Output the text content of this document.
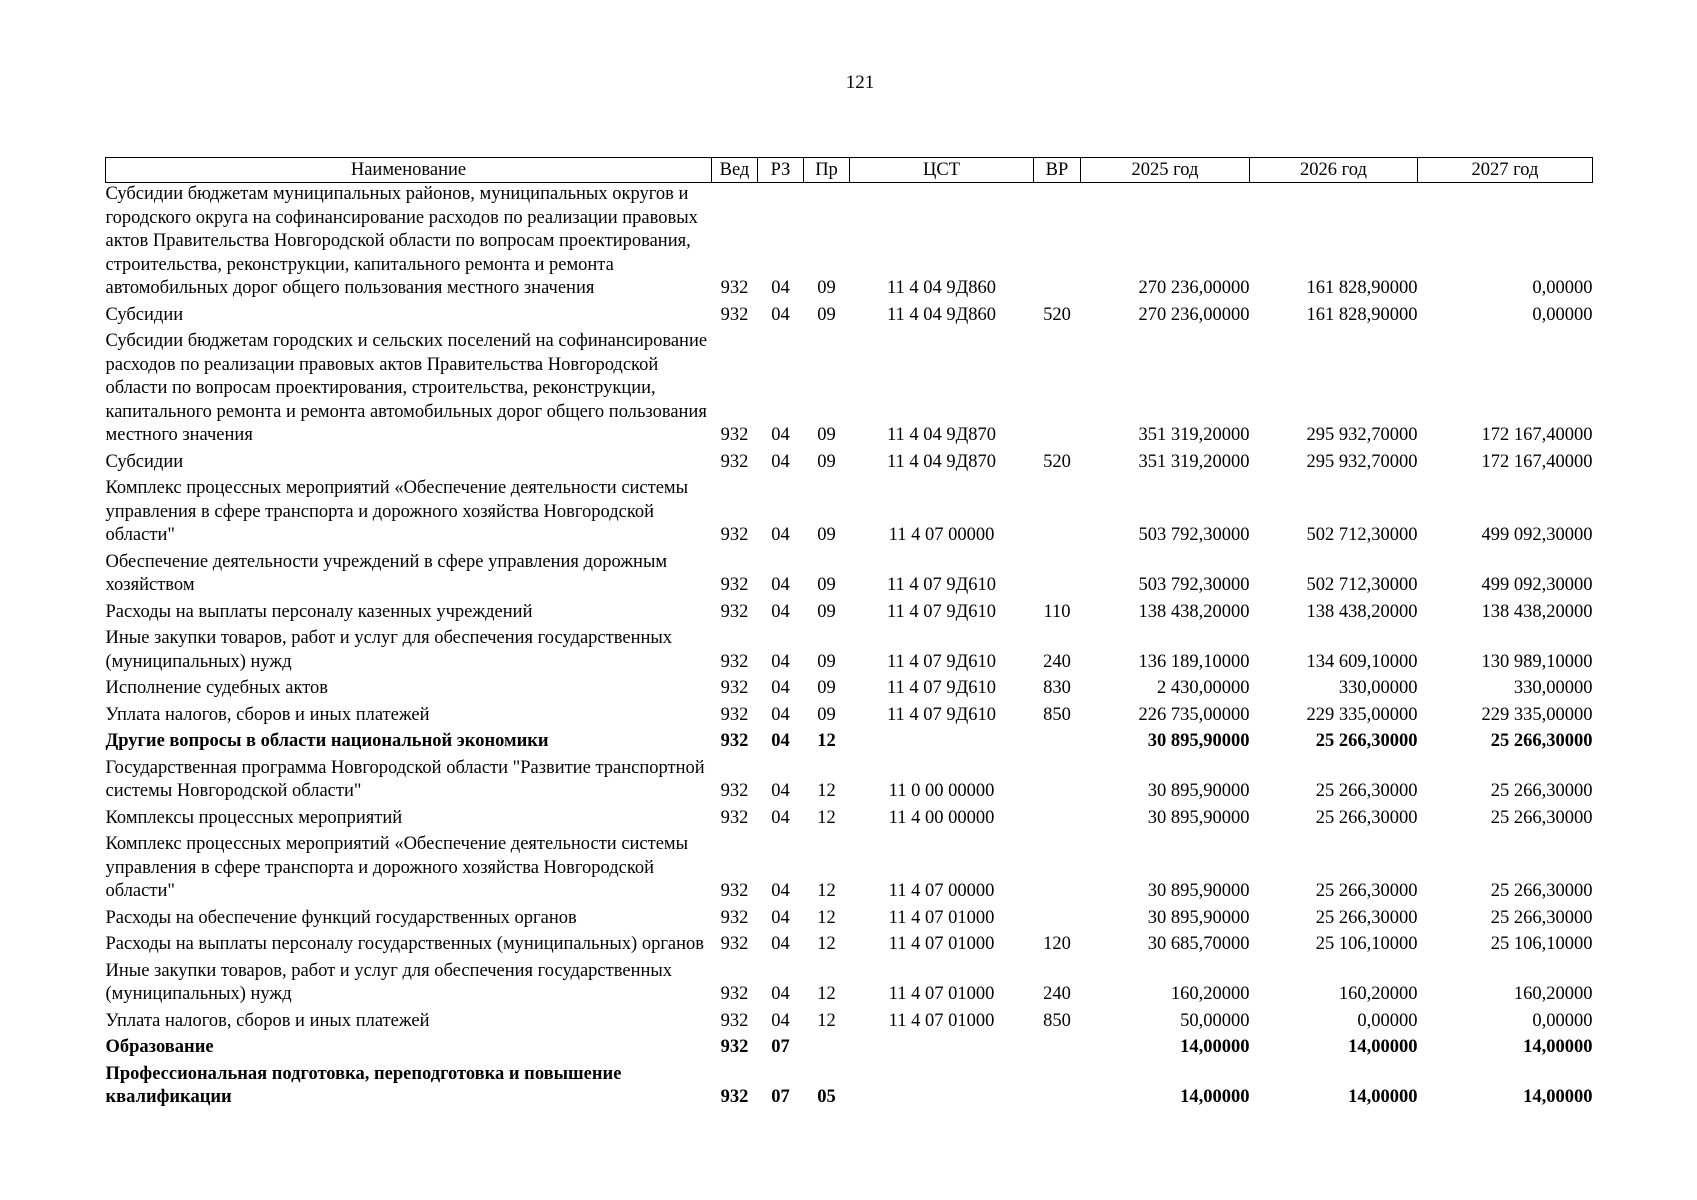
121
Наименование	Вед	РЗ	Пр	ЦСТ	ВР	2025 год	2026 год	2027 год
Субсидии бюджетам муниципальных районов, муниципальных округов и городского округа на софинансирование расходов по реализации правовых актов Правительства Новгородской области по вопросам проектирования, строительства, реконструкции, капитального ремонта и ремонта автомобильных дорог общего пользования местного значения	932	04	09	11 4 04 9Д860		270 236,00000	161 828,90000	0,00000
Субсидии	932	04	09	11 4 04 9Д860	520	270 236,00000	161 828,90000	0,00000
Субсидии бюджетам городских и сельских поселений на софинансирование расходов по реализации правовых актов Правительства Новгородской области по вопросам проектирования, строительства, реконструкции, капитального ремонта и ремонта автомобильных дорог общего пользования местного значения	932	04	09	11 4 04 9Д870		351 319,20000	295 932,70000	172 167,40000
Субсидии	932	04	09	11 4 04 9Д870	520	351 319,20000	295 932,70000	172 167,40000
Комплекс процессных мероприятий «Обеспечение деятельности системы управления в сфере транспорта и дорожного хозяйства Новгородской области"	932	04	09	11 4 07 00000		503 792,30000	502 712,30000	499 092,30000
Обеспечение деятельности учреждений в сфере управления дорожным хозяйством	932	04	09	11 4 07 9Д610		503 792,30000	502 712,30000	499 092,30000
Расходы на выплаты персоналу казенных учреждений	932	04	09	11 4 07 9Д610	110	138 438,20000	138 438,20000	138 438,20000
Иные закупки товаров, работ и услуг для обеспечения государственных (муниципальных) нужд	932	04	09	11 4 07 9Д610	240	136 189,10000	134 609,10000	130 989,10000
Исполнение судебных актов	932	04	09	11 4 07 9Д610	830	2 430,00000	330,00000	330,00000
Уплата налогов, сборов и иных платежей	932	04	09	11 4 07 9Д610	850	226 735,00000	229 335,00000	229 335,00000
Другие вопросы в области национальной экономики	932	04	12			30 895,90000	25 266,30000	25 266,30000
Государственная программа Новгородской области "Развитие транспортной системы Новгородской области"	932	04	12	11 0 00 00000		30 895,90000	25 266,30000	25 266,30000
Комплексы процессных мероприятий	932	04	12	11 4 00 00000		30 895,90000	25 266,30000	25 266,30000
Комплекс процессных мероприятий «Обеспечение деятельности системы управления в сфере транспорта и дорожного хозяйства Новгородской области"	932	04	12	11 4 07 00000		30 895,90000	25 266,30000	25 266,30000
Расходы на обеспечение функций государственных органов	932	04	12	11 4 07 01000		30 895,90000	25 266,30000	25 266,30000
Расходы на выплаты персоналу государственных (муниципальных) органов	932	04	12	11 4 07 01000	120	30 685,70000	25 106,10000	25 106,10000
Иные закупки товаров, работ и услуг для обеспечения государственных (муниципальных) нужд	932	04	12	11 4 07 01000	240	160,20000	160,20000	160,20000
Уплата налогов, сборов и иных платежей	932	04	12	11 4 07 01000	850	50,00000	0,00000	0,00000
Образование	932	07				14,00000	14,00000	14,00000
Профессиональная подготовка, переподготовка и повышение квалификации	932	07	05			14,00000	14,00000	14,00000
